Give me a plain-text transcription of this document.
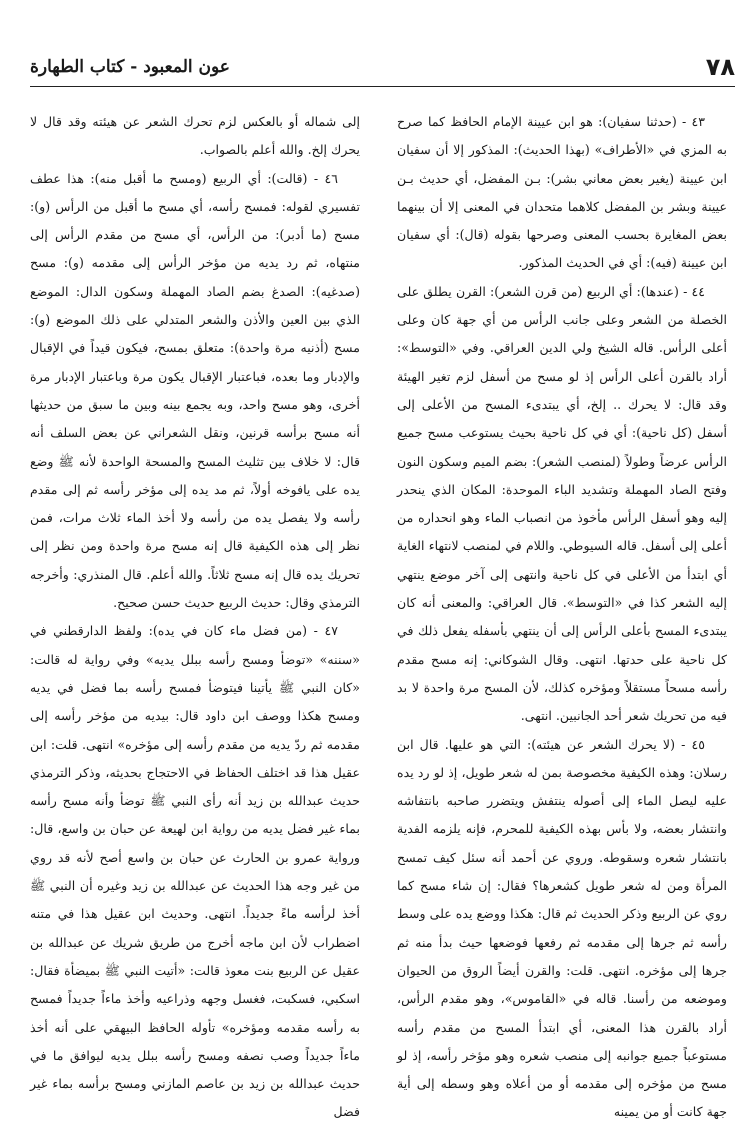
٧٨
عون المعبود - كتاب الطهارة

٤٣ - (حدثنا سفيان): هو ابن عيينة الإمام الحافظ كما صرح به المزي في «الأطراف» (بهذا الحديث): المذكور إلا أن سفيان ابن عيينة (يغير بعض معاني بشر): بـن المفضل، أي حديث بـن عيينة وبشر بن المفضل كلاهما متحدان في المعنى إلا أن بينهما بعض المغايرة بحسب المعنى وصرحها بقوله (قال): أي سفيان ابن عيينة (فيه): أي في الحديث المذكور.

٤٤ - (عندها): أي الربيع (من قرن الشعر): القرن يطلق على الخصلة من الشعر وعلى جانب الرأس من أي جهة كان وعلى أعلى الرأس. قاله الشيخ ولي الدين العراقي. وفي «التوسط»: أراد بالقرن أعلى الرأس إذ لو مسح من أسفل لزم تغير الهيئة وقد قال: لا يحرك .. إلخ، أي يبتدىء المسح من الأعلى إلى أسفل (كل ناحية): أي في كل ناحية بحيث يستوعب مسح جميع الرأس عرضاً وطولاً (لمنصب الشعر): بضم الميم وسكون النون وفتح الصاد المهملة وتشديد الباء الموحدة: المكان الذي ينحدر إليه وهو أسفل الرأس مأخوذ من انصباب الماء وهو انحداره من أعلى إلى أسفل. قاله السيوطي. واللام في لمنصب لانتهاء الغاية أي ابتدأ من الأعلى في كل ناحية وانتهى إلى آخر موضع ينتهي إليه الشعر كذا في «التوسط». قال العراقي: والمعنى أنه كان يبتدىء المسح بأعلى الرأس إلى أن ينتهي بأسفله يفعل ذلك في كل ناحية على حدتها. انتهى. وقال الشوكاني: إنه مسح مقدم رأسه مسحاً مستقلاً ومؤخره كذلك، لأن المسح مرة واحدة لا بد فيه من تحريك شعر أحد الجانبين. انتهى.

٤٥ - (لا يحرك الشعر عن هيئته): التي هو عليها. قال ابن رسلان: وهذه الكيفية مخصوصة بمن له شعر طويل، إذ لو رد يده عليه ليصل الماء إلى أصوله ينتفش ويتضرر صاحبه بانتفاشه وانتشار بعضه، ولا بأس بهذه الكيفية للمحرم، فإنه يلزمه الفدية بانتشار شعره وسقوطه. وروي عن أحمد أنه سئل كيف تمسح المرأة ومن له شعر طويل كشعرها؟ فقال: إن شاء مسح كما روي عن الربيع وذكر الحديث ثم قال: هكذا ووضع يده على وسط رأسه ثم جرها إلى مقدمه ثم رفعها فوضعها حيث بدأ منه ثم جرها إلى مؤخره. انتهى. قلت: والقرن أيضاً الروق من الحيوان وموضعه من رأسنا. قاله في «القاموس»، وهو مقدم الرأس، أراد بالقرن هذا المعنى، أي ابتدأ المسح من مقدم رأسه مستوعباً جميع جوانبه إلى منصب شعره وهو مؤخر رأسه، إذ لو مسح من مؤخره إلى مقدمه أو من أعلاه وهو وسطه إلى أية جهة كانت أو من يمينه

إلى شماله أو بالعكس لزم تحرك الشعر عن هيئته وقد قال لا يحرك إلخ. والله أعلم بالصواب.

٤٦ - (قالت): أي الربيع (ومسح ما أقبل منه): هذا عطف تفسيري لقوله: فمسح رأسه، أي مسح ما أقبل من الرأس (و): مسح (ما أدبر): من الرأس، أي مسح من مقدم الرأس إلى منتهاه، ثم رد يديه من مؤخر الرأس إلى مقدمه (و): مسح (صدغيه): الصدغ بضم الصاد المهملة وسكون الدال: الموضع الذي بين العين والأذن والشعر المتدلي على ذلك الموضع (و): مسح (أذنيه مرة واحدة): متعلق بمسح، فيكون قيداً في الإقبال والإدبار وما بعده، فباعتبار الإقبال يكون مرة وباعتبار الإدبار مرة أخرى، وهو مسح واحد، وبه يجمع بينه وبين ما سبق من حديثها أنه مسح برأسه قرنين، ونقل الشعراني عن بعض السلف أنه قال: لا خلاف بين تثليث المسح والمسحة الواحدة لأنه ﷺ وضع يده على يافوخه أولاً، ثم مد يده إلى مؤخر رأسه ثم إلى مقدم رأسه ولا يفصل يده من رأسه ولا أخذ الماء ثلاث مرات، فمن نظر إلى هذه الكيفية قال إنه مسح مرة واحدة ومن نظر إلى تحريك يده قال إنه مسح ثلاثاً. والله أعلم. قال المنذري: وأخرجه الترمذي وقال: حديث الربيع حديث حسن صحيح.

٤٧ - (من فضل ماء كان في يده): ولفظ الدارقطني في «سننه» «توضأ ومسح رأسه ببلل يديه» وفي رواية له قالت: «كان النبي ﷺ يأتينا فيتوضأ فمسح رأسه بما فضل في يديه ومسح هكذا ووصف ابن داود قال: بيديه من مؤخر رأسه إلى مقدمه ثم ردّ يديه من مقدم رأسه إلى مؤخره» انتهى. قلت: ابن عقيل هذا قد اختلف الحفاظ في الاحتجاج بحديثه، وذكر الترمذي حديث عبدالله بن زيد أنه رأى النبي ﷺ توضأ وأنه مسح رأسه بماء غير فضل يديه من رواية ابن لهيعة عن حبان بن واسع، قال: ورواية عمرو بن الحارث عن حبان بن واسع أصح لأنه قد روي من غير وجه هذا الحديث عن عبدالله بن زيد وغيره أن النبي ﷺ أخذ لرأسه ماءً جديداً. انتهى. وحديث ابن عقيل هذا في متنه اضطراب لأن ابن ماجه أخرج من طريق شريك عن عبدالله بن عقيل عن الربيع بنت معوذ قالت: «أتيت النبي ﷺ بميضأة فقال: اسكبي، فسكبت، فغسل وجهه وذراعيه وأخذ ماءاً جديداً فمسح به رأسه مقدمه ومؤخره» تأوله الحافظ البيهقي على أنه أخذ ماءاً جديداً وصب نصفه ومسح رأسه ببلل يديه ليوافق ما في حديث عبدالله بن زيد بن عاصم المازني ومسح برأسه بماء غير فضل
